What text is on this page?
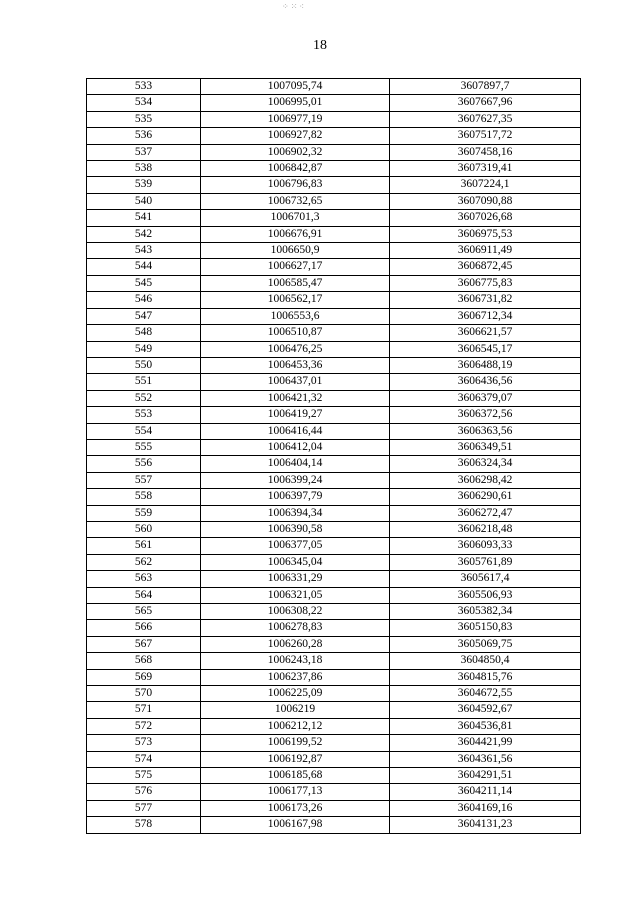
⁘ ⁙ ⁖
18
533	1007095,74	3607897,7
534	1006995,01	3607667,96
535	1006977,19	3607627,35
536	1006927,82	3607517,72
537	1006902,32	3607458,16
538	1006842,87	3607319,41
539	1006796,83	3607224,1
540	1006732,65	3607090,88
541	1006701,3	3607026,68
542	1006676,91	3606975,53
543	1006650,9	3606911,49
544	1006627,17	3606872,45
545	1006585,47	3606775,83
546	1006562,17	3606731,82
547	1006553,6	3606712,34
548	1006510,87	3606621,57
549	1006476,25	3606545,17
550	1006453,36	3606488,19
551	1006437,01	3606436,56
552	1006421,32	3606379,07
553	1006419,27	3606372,56
554	1006416,44	3606363,56
555	1006412,04	3606349,51
556	1006404,14	3606324,34
557	1006399,24	3606298,42
558	1006397,79	3606290,61
559	1006394,34	3606272,47
560	1006390,58	3606218,48
561	1006377,05	3606093,33
562	1006345,04	3605761,89
563	1006331,29	3605617,4
564	1006321,05	3605506,93
565	1006308,22	3605382,34
566	1006278,83	3605150,83
567	1006260,28	3605069,75
568	1006243,18	3604850,4
569	1006237,86	3604815,76
570	1006225,09	3604672,55
571	1006219	3604592,67
572	1006212,12	3604536,81
573	1006199,52	3604421,99
574	1006192,87	3604361,56
575	1006185,68	3604291,51
576	1006177,13	3604211,14
577	1006173,26	3604169,16
578	1006167,98	3604131,23
